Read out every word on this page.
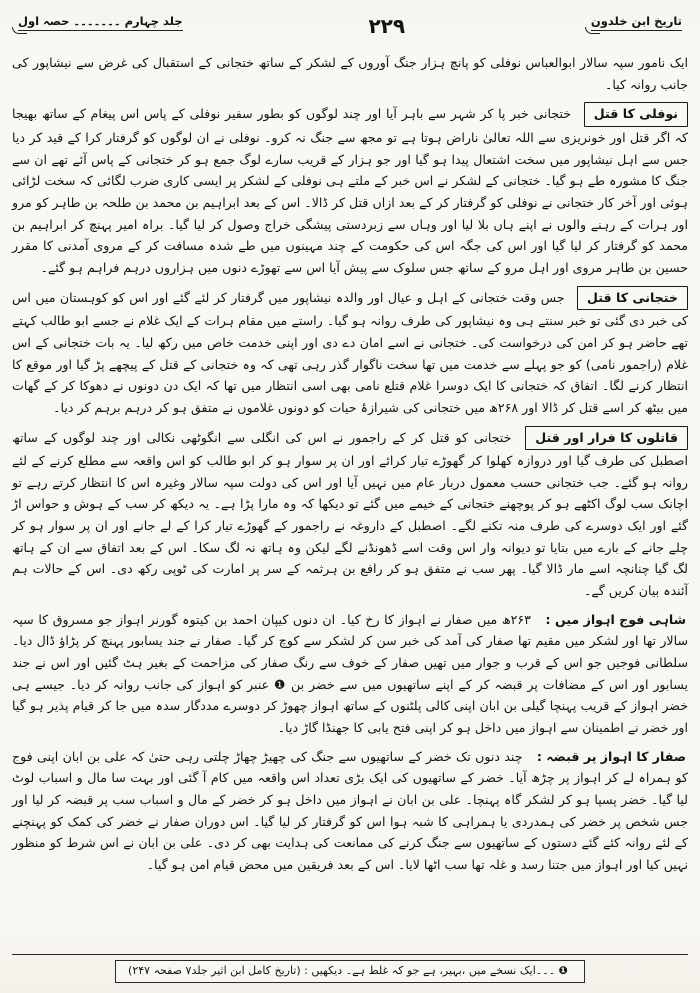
تاریخ ابن خلدون
۲۲۹
جلد چہارم ۔۔۔۔۔۔۔ حصہ اول

ایک نامور سپہ سالار ابوالعباس نوفلی کو پانچ ہزار جنگ آوروں کے لشکر کے ساتھ ختجانی کے استقبال کی غرض سے نیشاپور کی جانب روانہ کیا۔

نوفلی کا قتل ختجانی خبر پا کر شہر سے باہر آیا اور چند لوگوں کو بطور سفیر نوفلی کے پاس اس پیغام کے ساتھ بھیجا کہ اگر قتل اور خونریزی سے اللہ تعالیٰ ناراض ہوتا ہے تو مجھ سے جنگ نہ کرو۔ نوفلی نے ان لوگوں کو گرفتار کرا کے قید کر دیا جس سے اہل نیشاپور میں سخت اشتعال پیدا ہو گیا اور جو ہزار کے قریب سارے لوگ جمع ہو کر ختجانی کے پاس آئے تھے ان سے جنگ کا مشورہ طے ہو گیا۔ ختجانی کے لشکر نے اس خبر کے ملتے ہی نوفلی کے لشکر پر ایسی کاری ضرب لگائی کہ سخت لڑائی ہوئی اور آخر کار ختجانی نے نوفلی کو گرفتار کر کے بعد ازاں قتل کر ڈالا۔ اس کے بعد ابراہیم بن محمد بن طلحہ بن طاہر کو مرو اور ہرات کے رہنے والوں نے اپنے ہاں بلا لیا اور وہاں سے زبردستی پیشگی خراج وصول کر لیا گیا۔ براہ امیر پہنچ کر ابراہیم بن محمد کو گرفتار کر لیا گیا اور اس کی جگہ اس کی حکومت کے چند مہینوں میں طے شدہ مسافت کر کے مروی آمدنی کا مقرر حسین بن طاہر مروی اور اہل مرو کے ساتھ جس سلوک سے پیش آیا اس سے تھوڑے دنوں میں ہزاروں درہم فراہم ہو گئے۔

ختجانی کا قتل جس وقت ختجانی کے اہل و عیال اور والدہ نیشاپور میں گرفتار کر لئے گئے اور اس کو کوہستان میں اس کی خبر دی گئی تو خبر سنتے ہی وہ نیشاپور کی طرف روانہ ہو گیا۔ راستے میں مقام ہرات کے ایک غلام نے جسے ابو طالب کہتے تھے حاضر ہو کر امن کی درخواست کی۔ ختجانی نے اسے امان دے دی اور اپنی خدمت خاص میں رکھ لیا۔ یہ بات ختجانی کے اس غلام (راجمور نامی) کو جو پہلے سے خدمت میں تھا سخت ناگوار گذر رہی تھی کہ وہ ختجانی کے قتل کے پیچھے پڑ گیا اور موقع کا انتظار کرنے لگا۔ اتفاق کہ ختجانی کا ایک دوسرا غلام قتلع نامی بھی اسی انتظار میں تھا کہ ایک دن دونوں نے دھوکا کر کے گھات میں بیٹھ کر اسے قتل کر ڈالا اور ۲۶۸ھ میں ختجانی کی شیرازۂ حیات کو دونوں غلاموں نے متفق ہو کر درہم برہم کر دیا۔

قاتلوں کا فرار اور قتل ختجانی کو قتل کر کے راجمور نے اس کی انگلی سے انگوٹھی نکالی اور چند لوگوں کے ساتھ اصطبل کی طرف گیا اور دروازہ کھلوا کر گھوڑے تیار کرائے اور ان پر سوار ہو کر ابو طالب کو اس واقعہ سے مطلع کرنے کے لئے روانہ ہو گئے۔ جب ختجانی حسب معمول دربار عام میں نہیں آیا اور اس کی دولت سپہ سالار وغیرہ اس کا انتظار کرتے رہے تو اچانک سب لوگ اکٹھے ہو کر پوچھنے ختجانی کے خیمے میں گئے تو دیکھا کہ وہ مارا پڑا ہے۔ یہ دیکھ کر سب کے ہوش و حواس اڑ گئے اور ایک دوسرے کی طرف منہ تکنے لگے۔ اصطبل کے داروغہ نے راجمور کے گھوڑے تیار کرا کے لے جانے اور ان پر سوار ہو کر چلے جانے کے بارے میں بتایا تو دیوانہ وار اس وقت اسے ڈھونڈنے لگے لیکن وہ ہاتھ نہ لگ سکا۔ اس کے بعد اتفاق سے ان کے ہاتھ لگ گیا چنانچہ اسے مار ڈالا گیا۔ پھر سب نے متفق ہو کر رافع بن ہرثمہ کے سر پر امارت کی ٹوپی رکھ دی۔ اس کے حالات ہم آئندہ بیان کریں گے۔

شاہی فوج اہواز میں : ۲۶۳ھ میں صفار نے اہواز کا رخ کیا۔ ان دنوں کیپان احمد بن کیتوہ گورنر اہواز جو مسروق کا سپہ سالار تھا اور لشکر میں مقیم تھا صفار کی آمد کی خبر سن کر لشکر سے کوچ کر گیا۔ صفار نے جند یسابور پہنچ کر پڑاؤ ڈال دیا۔ سلطانی فوجیں جو اس کے قرب و جوار میں تھیں صفار کے خوف سے رنگ صفار کی مزاحمت کے بغیر ہٹ گئیں اور اس نے جند یسابور اور اس کے مضافات پر قبضہ کر کے اپنے ساتھیوں میں سے خضر بن ❶ عنبر کو اہواز کی جانب روانہ کر دیا۔ جیسے ہی خضر اہواز کے قریب پہنچا گیلی بن ابان اپنی کالی پلٹنوں کے ساتھ اہواز چھوڑ کر دوسرے مددگار سدہ میں جا کر قیام پذیر ہو گیا اور خضر نے اطمینان سے اہواز میں داخل ہو کر اپنی فتح یابی کا جھنڈا گاڑ دیا۔

صفار کا اہواز پر قبضہ : چند دنوں تک خضر کے ساتھیوں سے جنگ کی چھیڑ چھاڑ چلتی رہی حتیٰ کہ علی بن ابان اپنی فوج کو ہمراہ لے کر اہواز پر چڑھ آیا۔ خضر کے ساتھیوں کی ایک بڑی تعداد اس واقعہ میں کام آ گئی اور بہت سا مال و اسباب لوٹ لیا گیا۔ خضر پسپا ہو کر لشکر گاہ پہنچا۔ علی بن ابان نے اہواز میں داخل ہو کر خضر کے مال و اسباب سب پر قبضہ کر لیا اور جس شخص پر خضر کی ہمدردی یا ہمراہی کا شبہ ہوا اس کو گرفتار کر لیا گیا۔ اس دوران صفار نے خضر کی کمک کو پہنچنے کے لئے روانہ کئے گئے دستوں کے ساتھیوں سے جنگ کرنے کی ممانعت کی ہدایت بھی کر دی۔ علی بن ابان نے اس شرط کو منظور نہیں کیا اور اہواز میں جتنا رسد و غلہ تھا سب اٹھا لایا۔ اس کے بعد فریقین میں محض قیام امن ہو گیا۔

❶ ۔۔۔ایک نسخے میں ،بہیر، ہے جو کہ غلط ہے۔ دیکھیں : (تاریخ کامل ابن اثیر جلد۷ صفحہ ۲۴۷)
